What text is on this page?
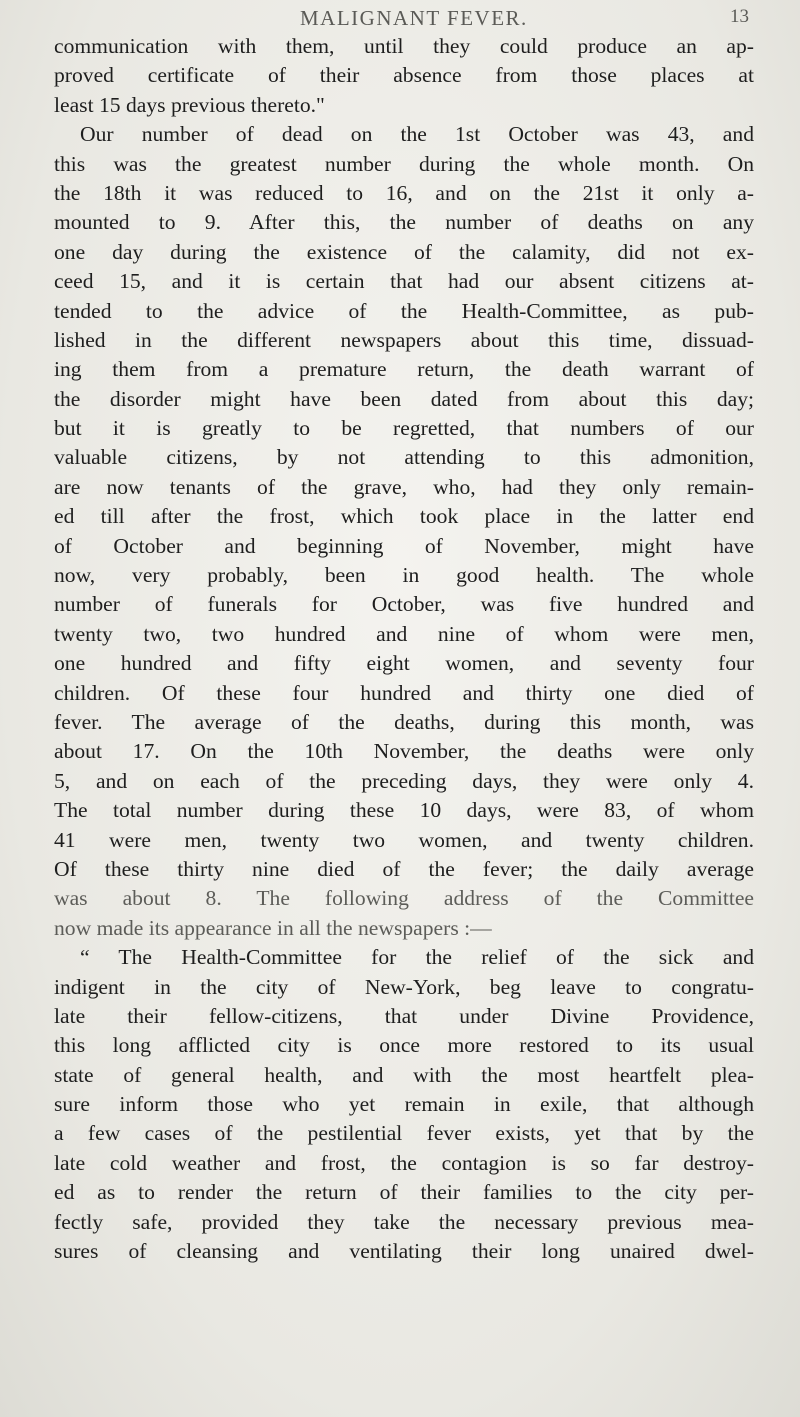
MALIGNANT FEVER.	13
communication with them, until they could produce an ap-
proved certificate of their absence from those places at
least 15 days previous thereto."
Our number of dead on the 1st October was 43, and
this was the greatest number during the whole month. On
the 18th it was reduced to 16, and on the 21st it only a-
mounted to 9. After this, the number of deaths on any
one day during the existence of the calamity, did not ex-
ceed 15, and it is certain that had our absent citizens at-
tended to the advice of the Health-Committee, as pub-
lished in the different newspapers about this time, dissuad-
ing them from a premature return, the death warrant of
the disorder might have been dated from about this day;
but it is greatly to be regretted, that numbers of our
valuable citizens, by not attending to this admonition,
are now tenants of the grave, who, had they only remain-
ed till after the frost, which took place in the latter end
of October and beginning of November, might have
now, very probably, been in good health. The whole
number of funerals for October, was five hundred and
twenty two, two hundred and nine of whom were men,
one hundred and fifty eight women, and seventy four
children. Of these four hundred and thirty one died of
fever. The average of the deaths, during this month, was
about 17. On the 10th November, the deaths were only
5, and on each of the preceding days, they were only 4.
The total number during these 10 days, were 83, of whom
41 were men, twenty two women, and twenty children.
Of these thirty nine died of the fever; the daily average
was about 8. The following address of the Committee
now made its appearance in all the newspapers :—
“ The Health-Committee for the relief of the sick and
indigent in the city of New-York, beg leave to congratu-
late their fellow-citizens, that under Divine Providence,
this long afflicted city is once more restored to its usual
state of general health, and with the most heartfelt plea-
sure inform those who yet remain in exile, that although
a few cases of the pestilential fever exists, yet that by the
late cold weather and frost, the contagion is so far destroy-
ed as to render the return of their families to the city per-
fectly safe, provided they take the necessary previous mea-
sures of cleansing and ventilating their long unaired dwel-
